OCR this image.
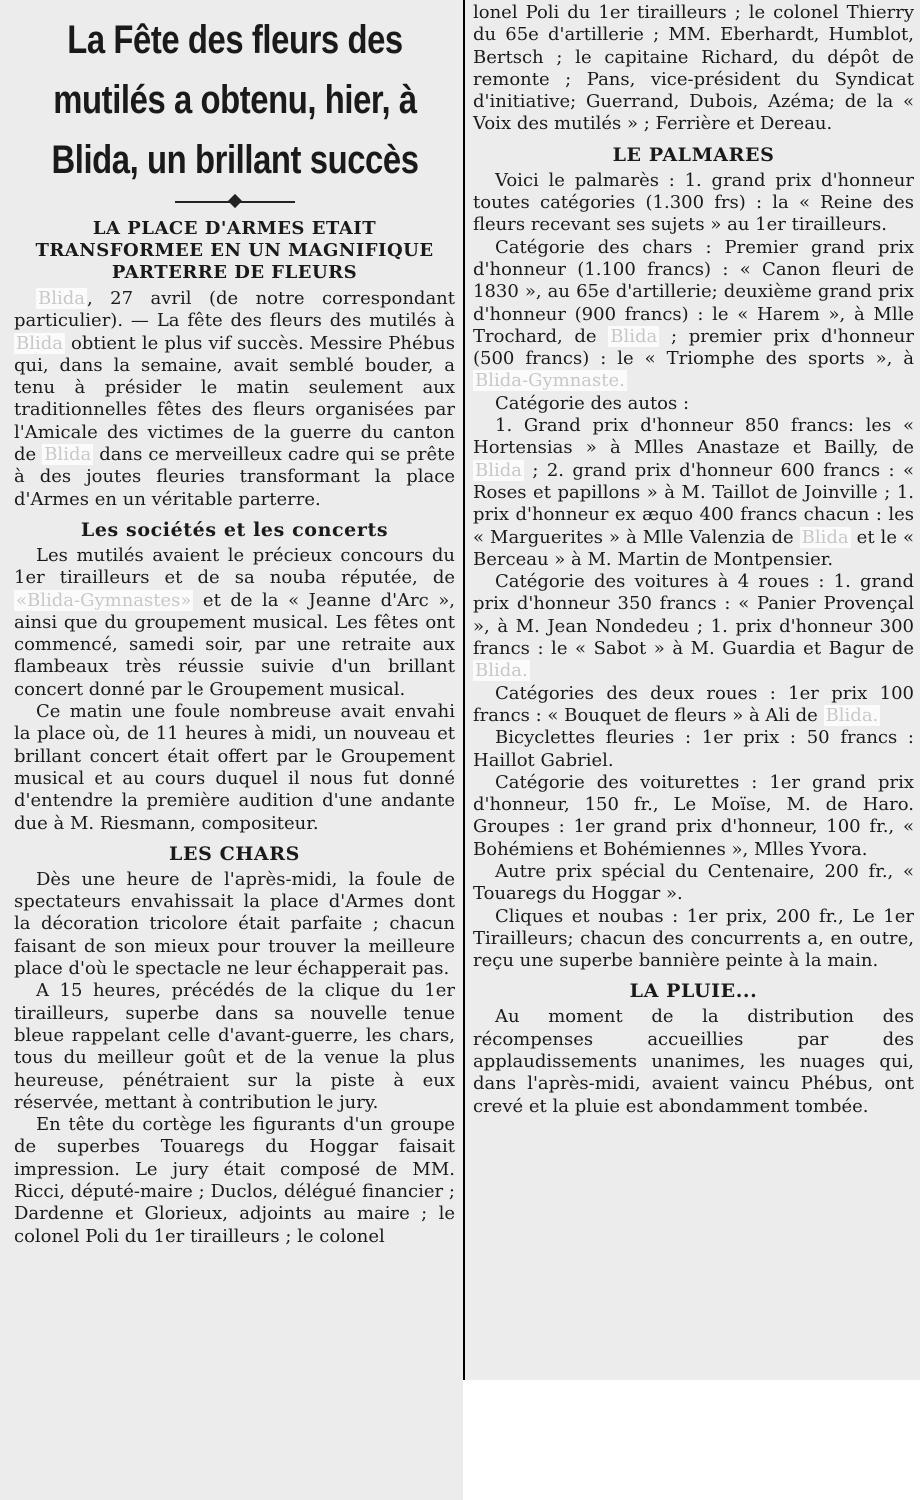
La Fête des fleurs des mutilés a obtenu, hier, à Blida, un brillant succès
LA PLACE D'ARMES ETAIT TRANSFORMEE EN UN MAGNIFIQUE PARTERRE DE FLEURS

Blida , 27 avril (de notre correspondant particulier). — La fête des fleurs des mutilés à Blida obtient le plus vif succès. Messire Phébus qui, dans la semaine, avait semblé bouder, a tenu à présider le matin seulement aux traditionnelles fêtes des fleurs organisées par l'Amicale des victimes de la guerre du canton de Blida dans ce merveilleux cadre qui se prête à des joutes fleuries transformant la place d'Armes en un véritable parterre.

Les sociétés et les concerts

Les mutilés avaient le précieux concours du 1er tirailleurs et de sa nouba réputée, de «Blida-Gymnastes» et de la « Jeanne d'Arc », ainsi que du groupement musical. Les fêtes ont commencé, samedi soir, par une retraite aux flambeaux très réussie suivie d'un brillant concert donné par le Groupement musical.

Ce matin une foule nombreuse avait envahi la place où, de 11 heures à midi, un nouveau et brillant concert était offert par le Groupement musical et au cours duquel il nous fut donné d'entendre la première audition d'une andante due à M. Riesmann, compositeur.

LES CHARS

Dès une heure de l'après-midi, la foule de spectateurs envahissait la place d'Armes dont la décoration tricolore était parfaite ; chacun faisant de son mieux pour trouver la meilleure place d'où le spectacle ne leur échapperait pas.

A 15 heures, précédés de la clique du 1er tirailleurs, superbe dans sa nouvelle tenue bleue rappelant celle d'avant-guerre, les chars, tous du meilleur goût et de la venue la plus heureuse, pénétraient sur la piste à eux réservée, mettant à contribution le jury.

En tête du cortège les figurants d'un groupe de superbes Touaregs du Hoggar faisait impression. Le jury était composé de MM. Ricci, député-maire ; Duclos, délégué financier ; Dardenne et Glorieux, adjoints au maire ; le colonel Poli du 1er tirailleurs ; le colonel

lonel Poli du 1er tirailleurs ; le colonel Thierry du 65e d'artillerie ; MM. Eberhardt, Humblot, Bertsch ; le capitaine Richard, du dépôt de remonte ; Pans, vice-président du Syndicat d'initiative; Guerrand, Dubois, Azéma; de la « Voix des mutilés » ; Ferrière et Dereau.

LE PALMARES

Voici le palmarès : 1. grand prix d'honneur toutes catégories (1.300 frs) : la « Reine des fleurs recevant ses sujets » au 1er tirailleurs.

Catégorie des chars : Premier grand prix d'honneur (1.100 francs) : « Canon fleuri de 1830 », au 65e d'artillerie; deuxième grand prix d'honneur (900 francs) : le « Harem », à Mlle Trochard, de Blida ; premier prix d'honneur (500 francs) : le « Triomphe des sports », à Blida-Gymnaste.

Catégorie des autos :

1. Grand prix d'honneur 850 francs: les « Hortensias » à Mlles Anastaze et Bailly, de Blida ; 2. grand prix d'honneur 600 francs : « Roses et papillons » à M. Taillot de Joinville ; 1. prix d'honneur ex æquo 400 francs chacun : les « Marguerites » à Mlle Valenzia de Blida et le « Berceau » à M. Martin de Montpensier.

Catégorie des voitures à 4 roues : 1. grand prix d'honneur 350 francs : « Panier Provençal », à M. Jean Nondedeu ; 1. prix d'honneur 300 francs : le « Sabot » à M. Guardia et Bagur de Blida.

Catégories des deux roues : 1er prix 100 francs : « Bouquet de fleurs » à Ali de Blida.

Bicyclettes fleuries : 1er prix : 50 francs : Haillot Gabriel.

Catégorie des voiturettes : 1er grand prix d'honneur, 150 fr., Le Moïse, M. de Haro. Groupes : 1er grand prix d'honneur, 100 fr., « Bohémiens et Bohémiennes », Mlles Yvora.

Autre prix spécial du Centenaire, 200 fr., « Touaregs du Hoggar ».

Cliques et noubas : 1er prix, 200 fr., Le 1er Tirailleurs; chacun des concurrents a, en outre, reçu une superbe bannière peinte à la main.

LA PLUIE...

Au moment de la distribution des récompenses accueillies par des applaudissements unanimes, les nuages qui, dans l'après-midi, avaient vaincu Phébus, ont crevé et la pluie est abondamment tombée.
